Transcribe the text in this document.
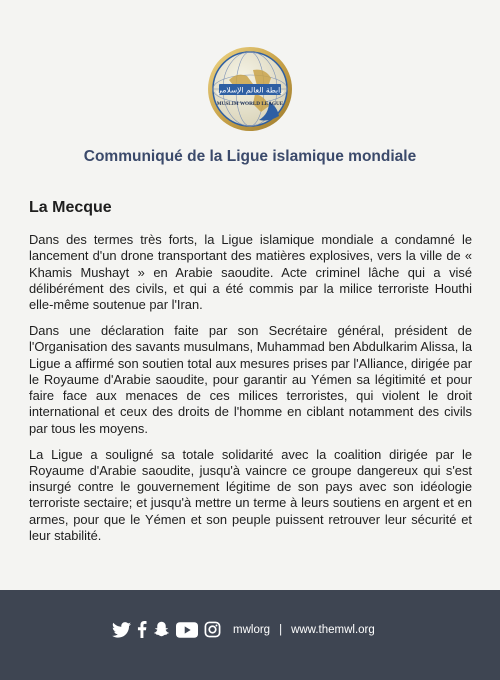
رابطة العالم الإسلامي
MUSLIM WORLD LEAGUE
Communiqué de la Ligue islamique mondiale
La Mecque

Dans des termes très forts, la Ligue islamique mondiale a condamné le lancement d'un drone transportant des matières explosives, vers la ville de « Khamis Mushayt » en Arabie saoudite. Acte criminel lâche qui a visé délibérément des civils, et qui a été commis par la milice terroriste Houthi elle-même soutenue par l'Iran.

Dans une déclaration faite par son Secrétaire général, président de l'Organisation des savants musulmans, Muhammad ben Abdulkarim Alissa, la Ligue a affirmé son soutien total aux mesures prises par l'Alliance, dirigée par le Royaume d'Arabie saoudite, pour garantir au Yémen sa légitimité et pour faire face aux menaces de ces milices terroristes, qui violent le droit international et ceux des droits de l'homme en ciblant notamment des civils par tous les moyens.

La Ligue a souligné sa totale solidarité avec la coalition dirigée par le Royaume d'Arabie saoudite, jusqu'à vaincre ce groupe dangereux qui s'est insurgé contre le gouvernement légitime de son pays avec son idéologie terroriste sectaire; et jusqu'à mettre un terme à leurs soutiens en argent et en armes, pour que le Yémen et son peuple puissent retrouver leur sécurité et leur stabilité.

mwlorg | www.themwl.org
